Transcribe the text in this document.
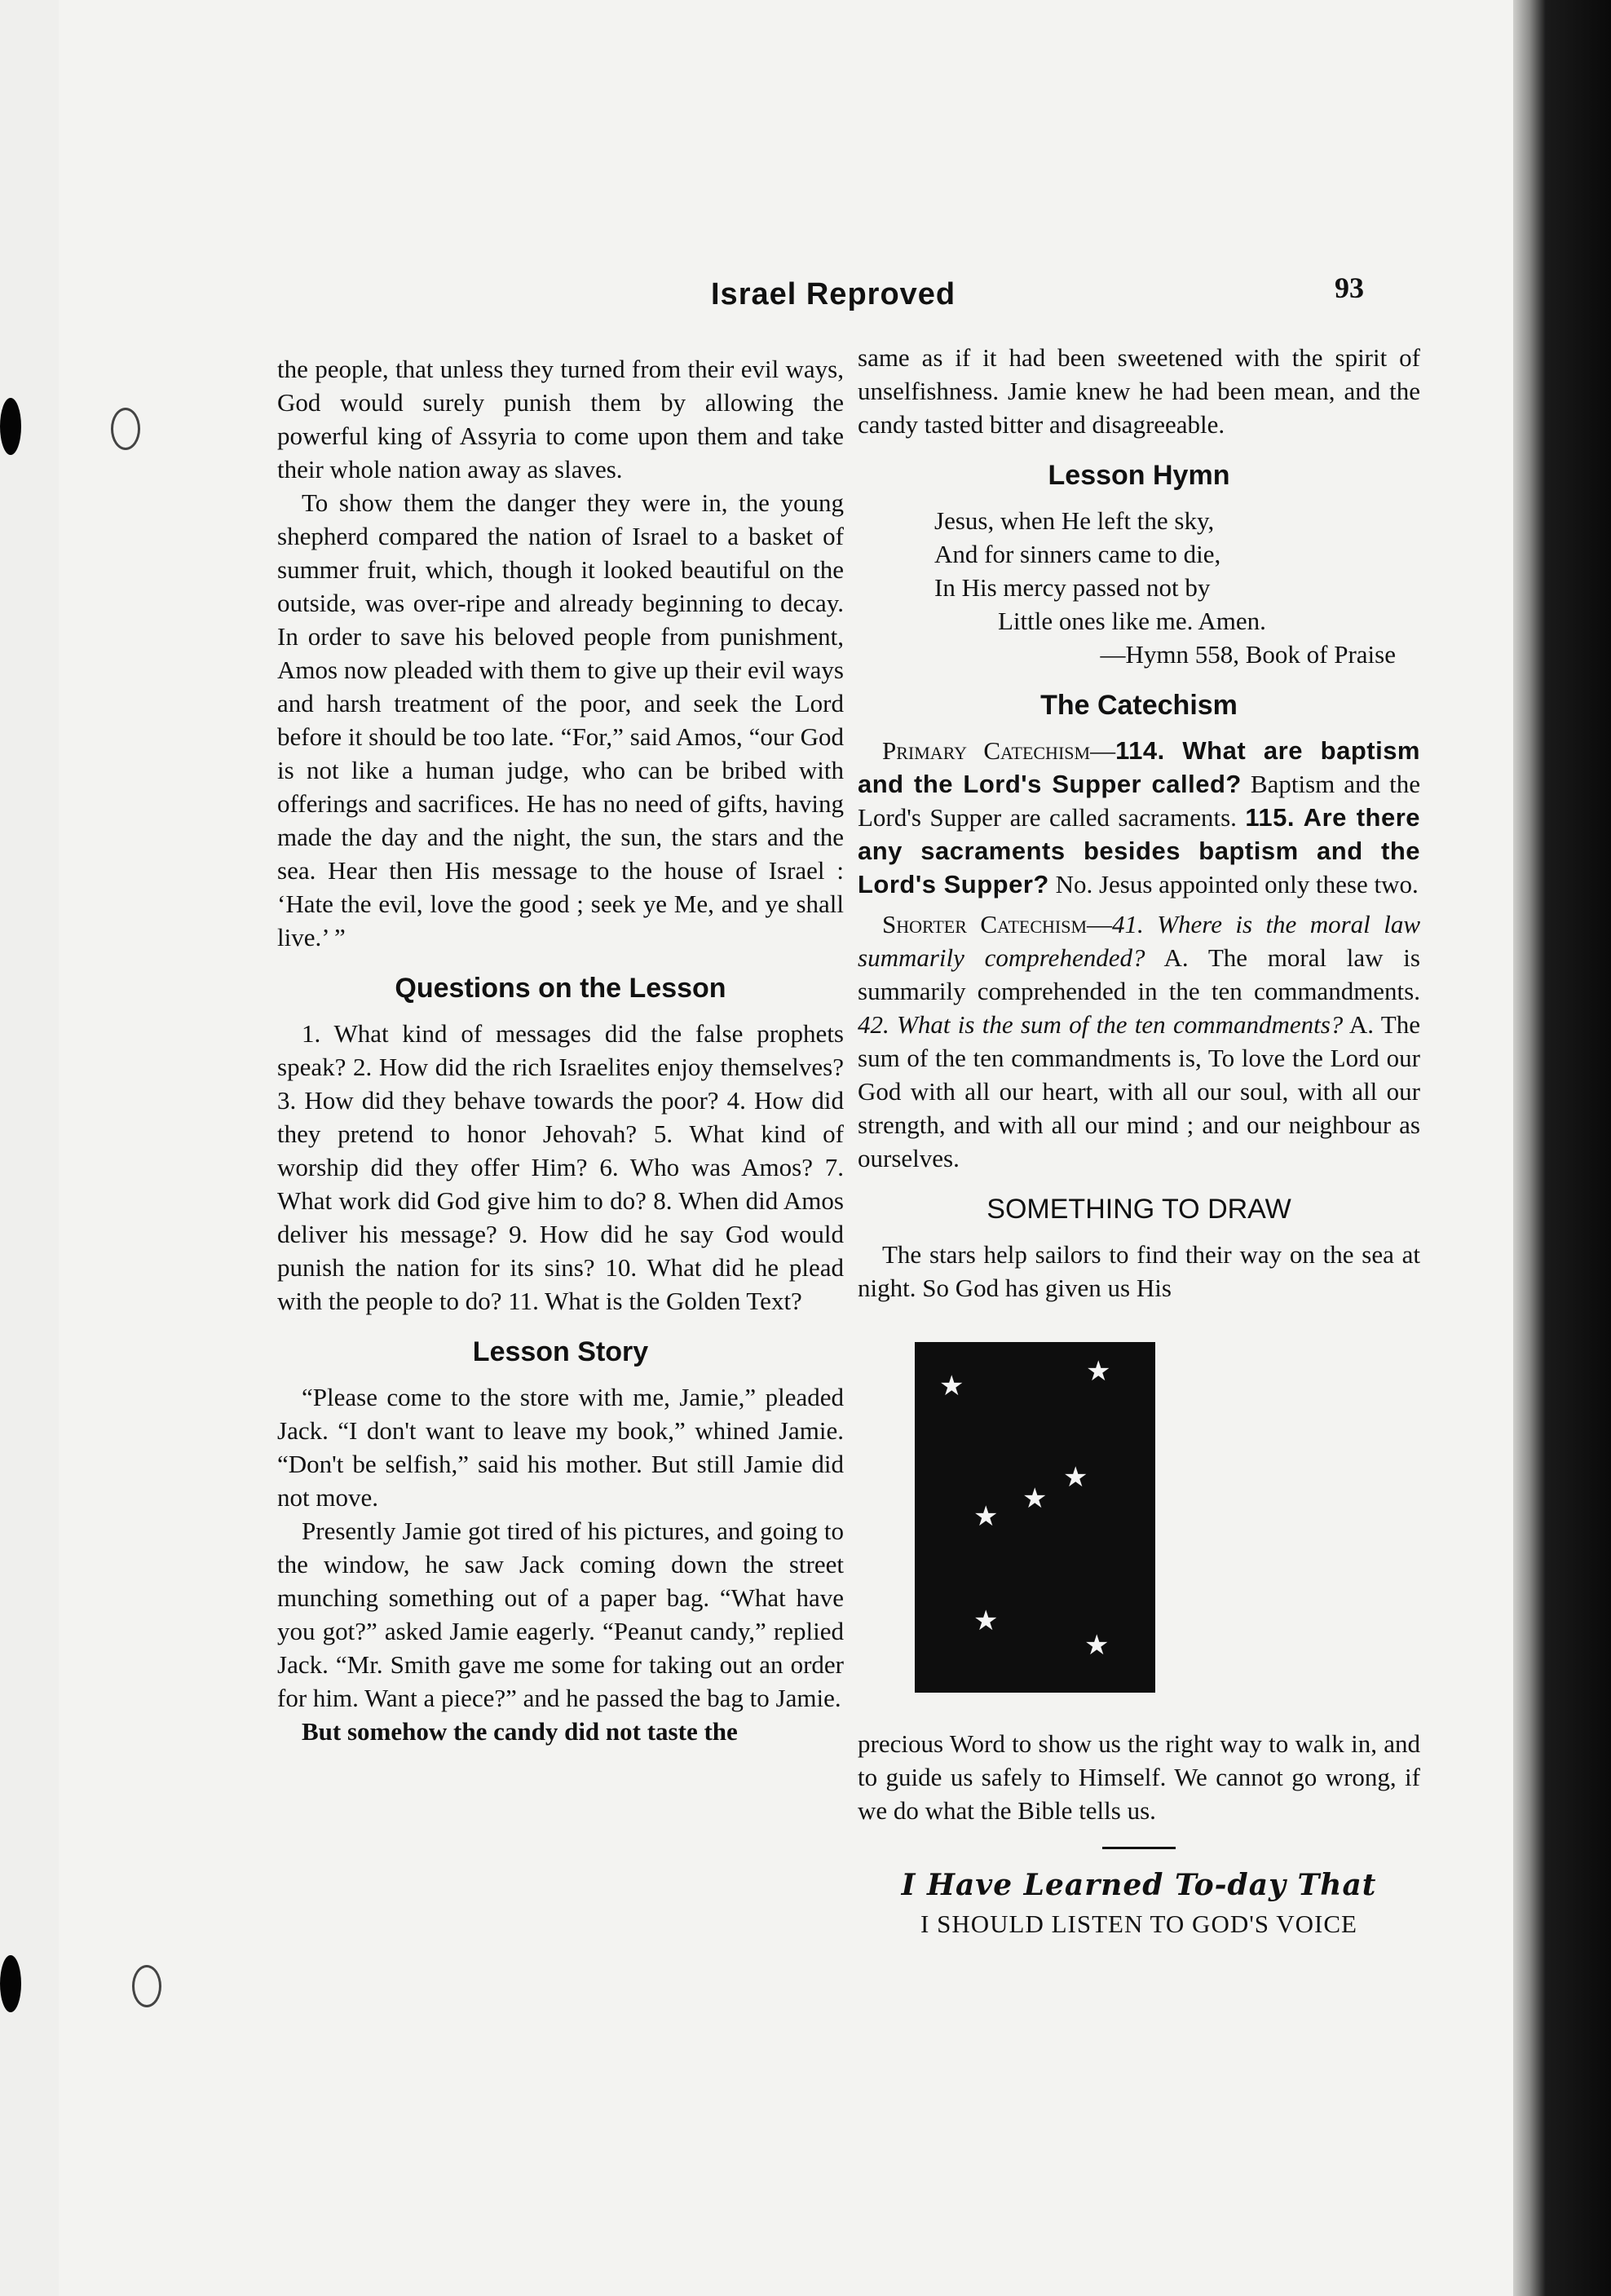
93
Israel Reproved

the people, that unless they turned from their evil ways, God would surely punish them by allowing the powerful king of Assyria to come upon them and take their whole nation away as slaves.

To show them the danger they were in, the young shepherd compared the nation of Israel to a basket of summer fruit, which, though it looked beautiful on the outside, was over-ripe and already beginning to decay. In order to save his beloved people from punishment, Amos now pleaded with them to give up their evil ways and harsh treatment of the poor, and seek the Lord before it should be too late. “For,” said Amos, “our God is not like a human judge, who can be bribed with offerings and sacrifices. He has no need of gifts, having made the day and the night, the sun, the stars and the sea. Hear then His message to the house of Israel : ‘Hate the evil, love the good ; seek ye Me, and ye shall live.’ ”

Questions on the Lesson

1. What kind of messages did the false prophets speak? 2. How did the rich Israelites enjoy themselves? 3. How did they behave towards the poor? 4. How did they pretend to honor Jehovah? 5. What kind of worship did they offer Him? 6. Who was Amos? 7. What work did God give him to do? 8. When did Amos deliver his message? 9. How did he say God would punish the nation for its sins? 10. What did he plead with the people to do? 11. What is the Golden Text?

Lesson Story

“Please come to the store with me, Jamie,” pleaded Jack. “I don't want to leave my book,” whined Jamie. “Don't be selfish,” said his mother. But still Jamie did not move.

Presently Jamie got tired of his pictures, and going to the window, he saw Jack coming down the street munching something out of a paper bag. “What have you got?” asked Jamie eagerly. “Peanut candy,” replied Jack. “Mr. Smith gave me some for taking out an order for him. Want a piece?” and he passed the bag to Jamie.

But somehow the candy did not taste the

same as if it had been sweetened with the spirit of unselfishness. Jamie knew he had been mean, and the candy tasted bitter and disagreeable.

Lesson Hymn
Jesus, when He left the sky,
And for sinners came to die,
In His mercy passed not by
Little ones like me. Amen.
—Hymn 558, Book of Praise
The Catechism

Primary Catechism—114. What are baptism and the Lord's Supper called? Baptism and the Lord's Supper are called sacraments. 115. Are there any sacraments besides baptism and the Lord's Supper? No. Jesus appointed only these two.

Shorter Catechism—41. Where is the moral law summarily comprehended? A. The moral law is summarily comprehended in the ten commandments. 42. What is the sum of the ten commandments? A. The sum of the ten commandments is, To love the Lord our God with all our heart, with all our soul, with all our strength, and with all our mind ; and our neighbour as ourselves.

SOMETHING TO DRAW

The stars help sailors to find their way on the sea at night. So God has given us His

★	★
★
★
★
★
★

precious Word to show us the right way to walk in, and to guide us safely to Himself. We cannot go wrong, if we do what the Bible tells us.

I Have Learned To-day That
I SHOULD LISTEN TO GOD'S VOICE
